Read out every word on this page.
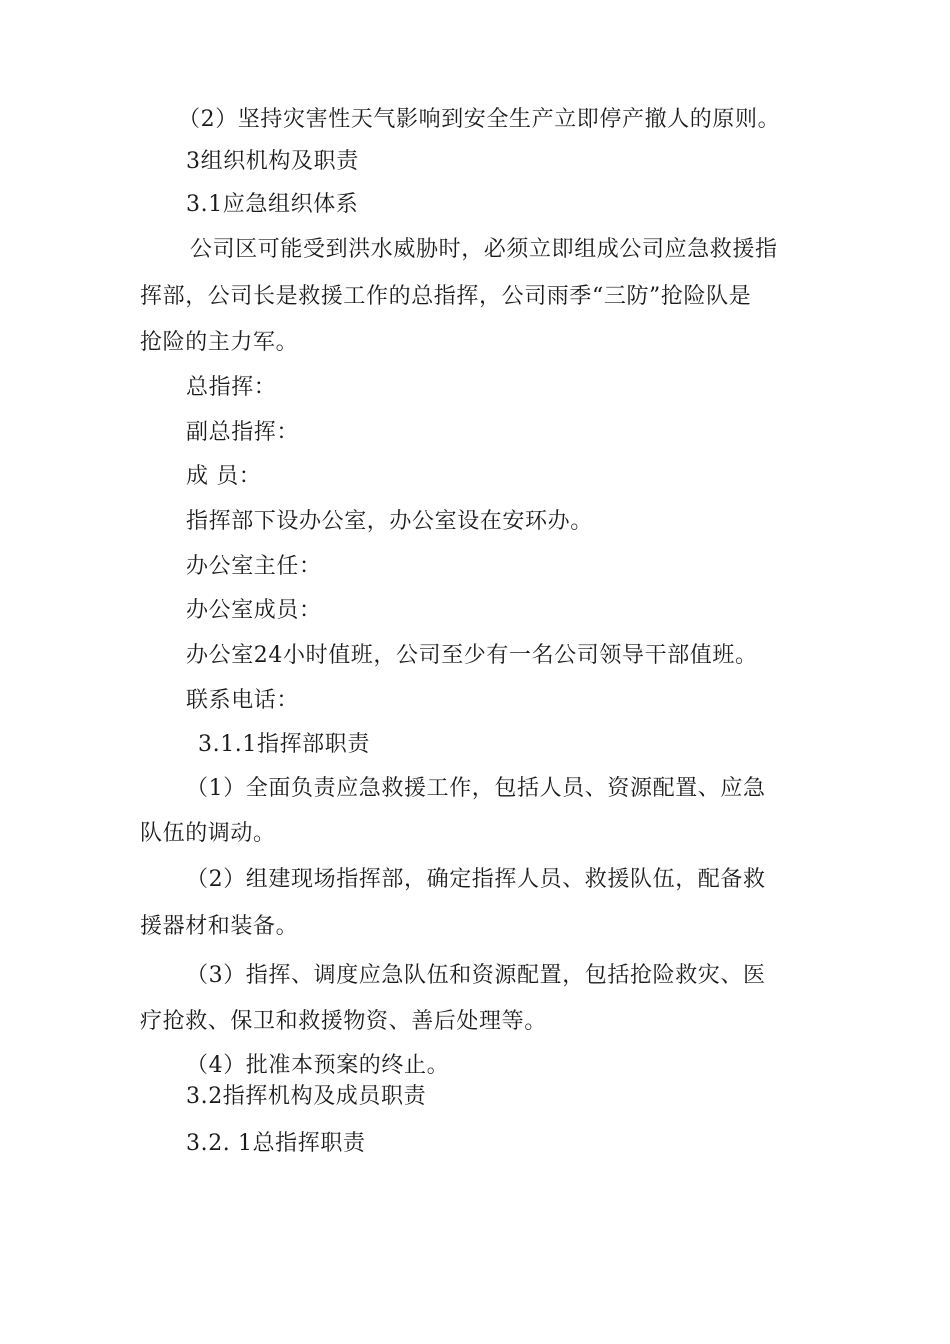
（2）坚持灾害性天气影响到安全生产立即停产撤人的原则。
3组织机构及职责
3.1应急组织体系
公司区可能受到洪水威胁时，必须立即组成公司应急救援指
挥部，公司长是救援工作的总指挥，公司雨季“三防”抢险队是
抢险的主力军。
总指挥：
副总指挥：
成 员：
指挥部下设办公室，办公室设在安环办。
办公室主任：
办公室成员：
办公室24小时值班，公司至少有一名公司领导干部值班。
联系电话：
3.1.1指挥部职责
（1）全面负责应急救援工作，包括人员、资源配置、应急
队伍的调动。
（2）组建现场指挥部，确定指挥人员、救援队伍，配备救
援器材和装备。
（3）指挥、调度应急队伍和资源配置，包括抢险救灾、医
疗抢救、保卫和救援物资、善后处理等。
（4）批准本预案的终止。
3.2指挥机构及成员职责
3.2. 1总指挥职责
